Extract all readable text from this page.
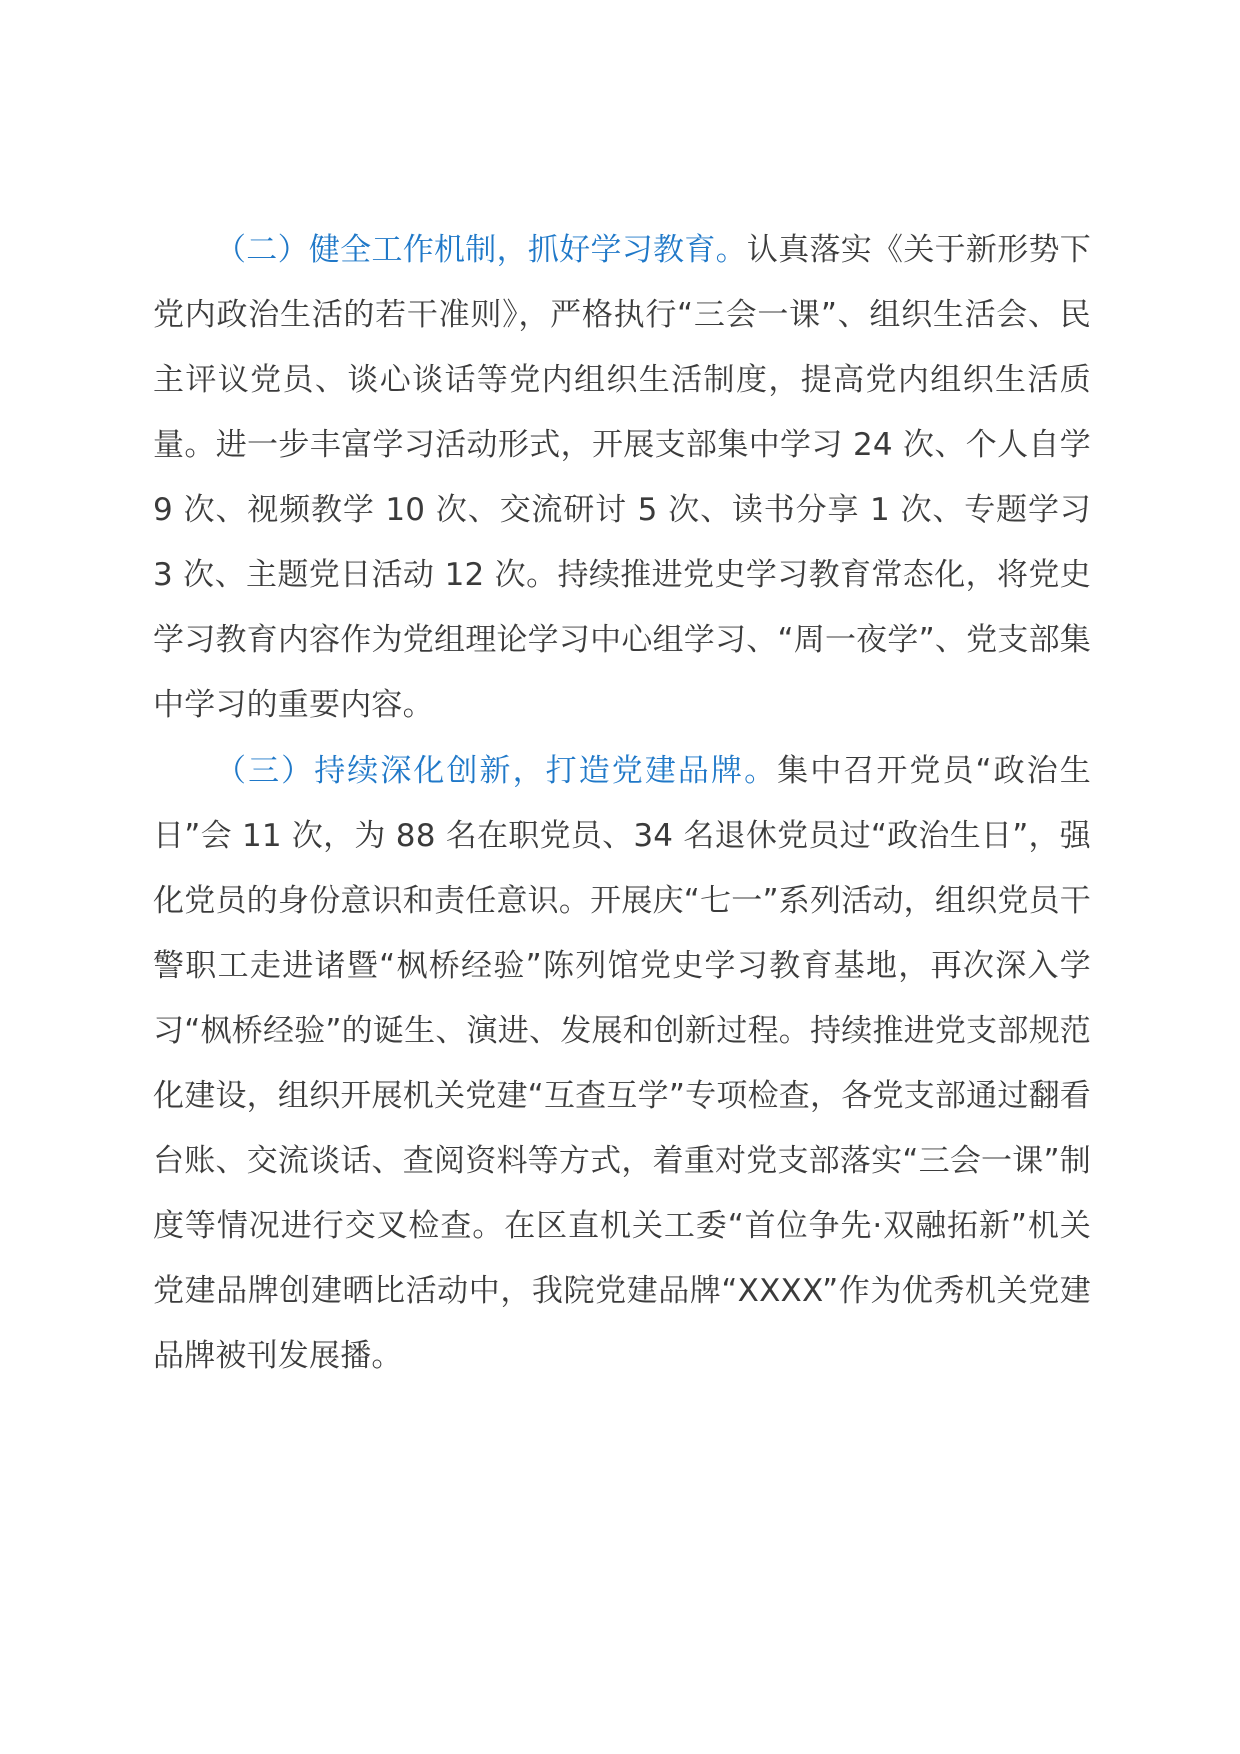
（二）健全工作机制，抓好学习教育。认真落实《关于新形势下党内政治生活的若干准则》，严格执行“三会一课”、组织生活会、民主评议党员、谈心谈话等党内组织生活制度，提高党内组织生活质量。进一步丰富学习活动形式，开展支部集中学习 24 次、个人自学 9 次、视频教学 10 次、交流研讨 5 次、读书分享 1 次、专题学习 3 次、主题党日活动 12 次。持续推进党史学习教育常态化，将党史学习教育内容作为党组理论学习中心组学习、“周一夜学”、党支部集中学习的重要内容。

（三）持续深化创新，打造党建品牌。集中召开党员“政治生日”会 11 次，为 88 名在职党员、34 名退休党员过“政治生日”，强化党员的身份意识和责任意识。开展庆“七一”系列活动，组织党员干警职工走进诸暨“枫桥经验”陈列馆党史学习教育基地，再次深入学习“枫桥经验”的诞生、演进、发展和创新过程。持续推进党支部规范化建设，组织开展机关党建“互查互学”专项检查，各党支部通过翻看台账、交流谈话、查阅资料等方式，着重对党支部落实“三会一课”制度等情况进行交叉检查。在区直机关工委“首位争先·双融拓新”机关党建品牌创建晒比活动中，我院党建品牌“XXXX”作为优秀机关党建品牌被刊发展播。
